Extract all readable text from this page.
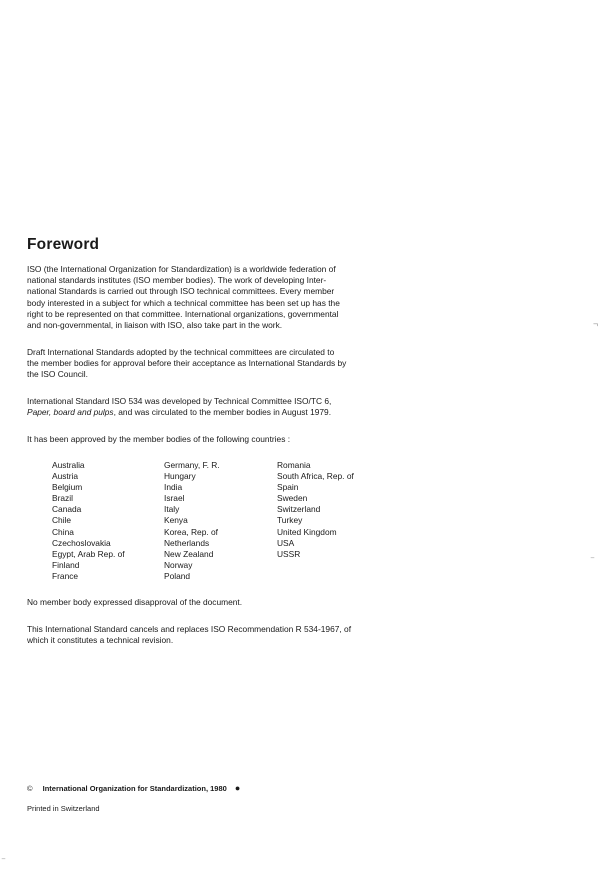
Foreword

ISO (the International Organization for Standardization) is a worldwide federation of
national standards institutes (ISO member bodies). The work of developing Inter-
national Standards is carried out through ISO technical committees. Every member
body interested in a subject for which a technical committee has been set up has the
right to be represented on that committee. International organizations, governmental
and non-governmental, in liaison with ISO, also take part in the work.

Draft International Standards adopted by the technical committees are circulated to
the member bodies for approval before their acceptance as International Standards by
the ISO Council.

International Standard ISO 534 was developed by Technical Committee ISO/TC 6,
Paper, board and pulps, and was circulated to the member bodies in August 1979.

It has been approved by the member bodies of the following countries :

Australia
Austria
Belgium
Brazil
Canada
Chile
China
Czechoslovakia
Egypt, Arab Rep. of
Finland
France
Germany, F. R.
Hungary
India
Israel
Italy
Kenya
Korea, Rep. of
Netherlands
New Zealand
Norway
Poland
Romania
South Africa, Rep. of
Spain
Sweden
Switzerland
Turkey
United Kingdom
USA
USSR

No member body expressed disapproval of the document.

This International Standard cancels and replaces ISO Recommendation R 534-1967, of
which it constitutes a technical revision.

© International Organization for Standardization, 1980 ●
Printed in Switzerland
¬
‾
‾
